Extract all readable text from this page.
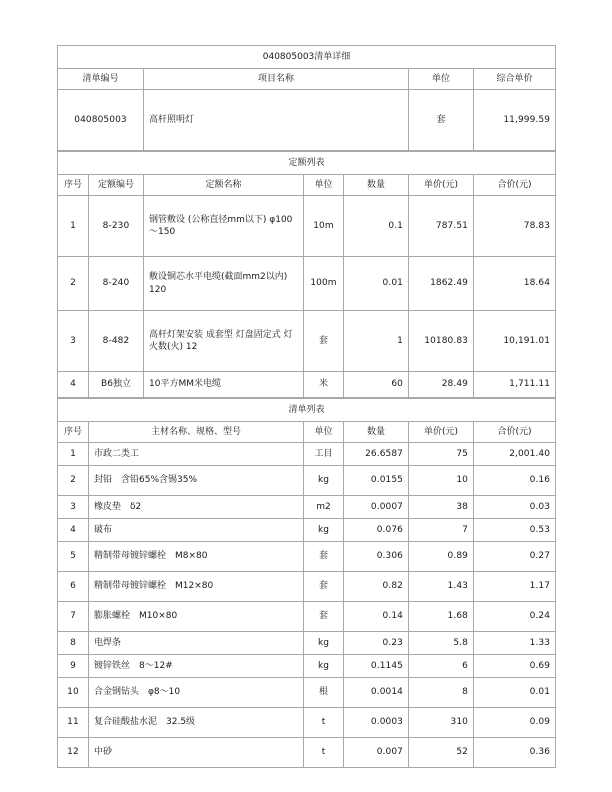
040805003清单详细			
清单编号	项目名称	单位	综合单价
040805003	高杆照明灯	套	11,999.59
定额列表						
序号	定额编号	定额名称	单位	数量	单价(元)	合价(元)
1	8-230	钢管敷设 (公称直径mm以下) φ100～150	10m	0.1	787.51	78.83
2	8-240	敷设铜芯水平电缆(截面mm2以内) 120	100m	0.01	1862.49	18.64
3	8-482	高杆灯架安装 成套型 灯盘固定式 灯火数(火) 12	套	1	10180.83	10,191.01
4	B6独立	10平方MM米电缆	米	60	28.49	1,711.11
清单列表					
序号	主材名称、规格、型号	单位	数量	单价(元)	合价(元)
1	市政二类工	工目	26.6587	75	2,001.40
2	封铅　含铅65%含锡35%	kg	0.0155	10	0.16
3	橡皮垫　δ2	m2	0.0007	38	0.03
4	破布	kg	0.076	7	0.53
5	精制带母镀锌螺栓　M8×80	套	0.306	0.89	0.27
6	精制带母镀锌螺栓　M12×80	套	0.82	1.43	1.17
7	膨胀螺栓　M10×80	套	0.14	1.68	0.24
8	电焊条	kg	0.23	5.8	1.33
9	镀锌铁丝　8～12#	kg	0.1145	6	0.69
10	合金钢钻头　φ8～10	根	0.0014	8	0.01
11	复合硅酸盐水泥　32.5级	t	0.0003	310	0.09
12	中砂	t	0.007	52	0.36
